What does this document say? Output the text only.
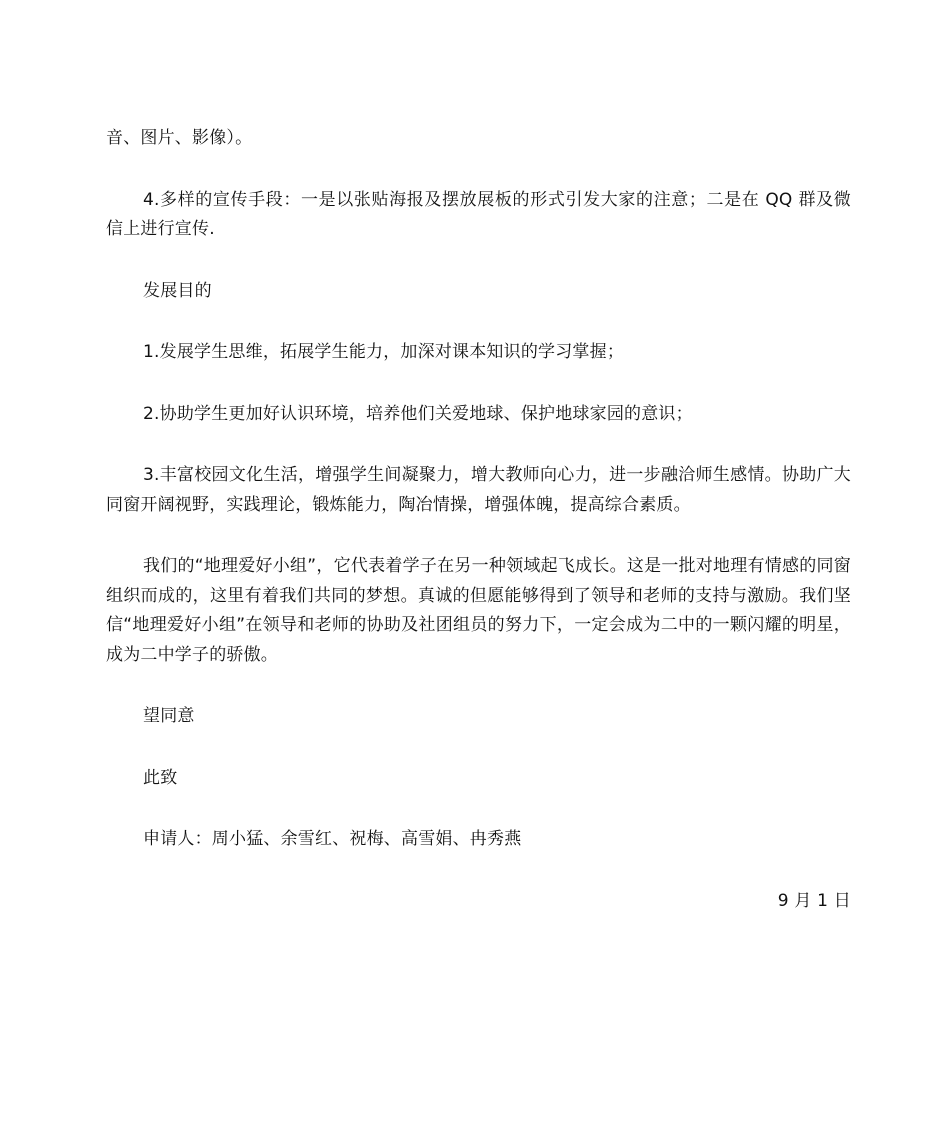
音、图片、影像）。

4.多样的宣传手段：一是以张贴海报及摆放展板的形式引发大家的注意；二是在 QQ 群及微信上进行宣传.

发展目的

1.发展学生思维，拓展学生能力，加深对课本知识的学习掌握；

2.协助学生更加好认识环境，培养他们关爱地球、保护地球家园的意识；

3.丰富校园文化生活，增强学生间凝聚力，增大教师向心力，进一步融洽师生感情。协助广大同窗开阔视野，实践理论，锻炼能力，陶冶情操，增强体魄，提高综合素质。

我们的“地理爱好小组”，它代表着学子在另一种领域起飞成长。这是一批对地理有情感的同窗组织而成的，这里有着我们共同的梦想。真诚的但愿能够得到了领导和老师的支持与激励。我们坚信“地理爱好小组”在领导和老师的协助及社团组员的努力下，一定会成为二中的一颗闪耀的明星，成为二中学子的骄傲。

望同意

此致

申请人：周小猛、余雪红、祝梅、高雪娟、冉秀燕

9 月 1 日
